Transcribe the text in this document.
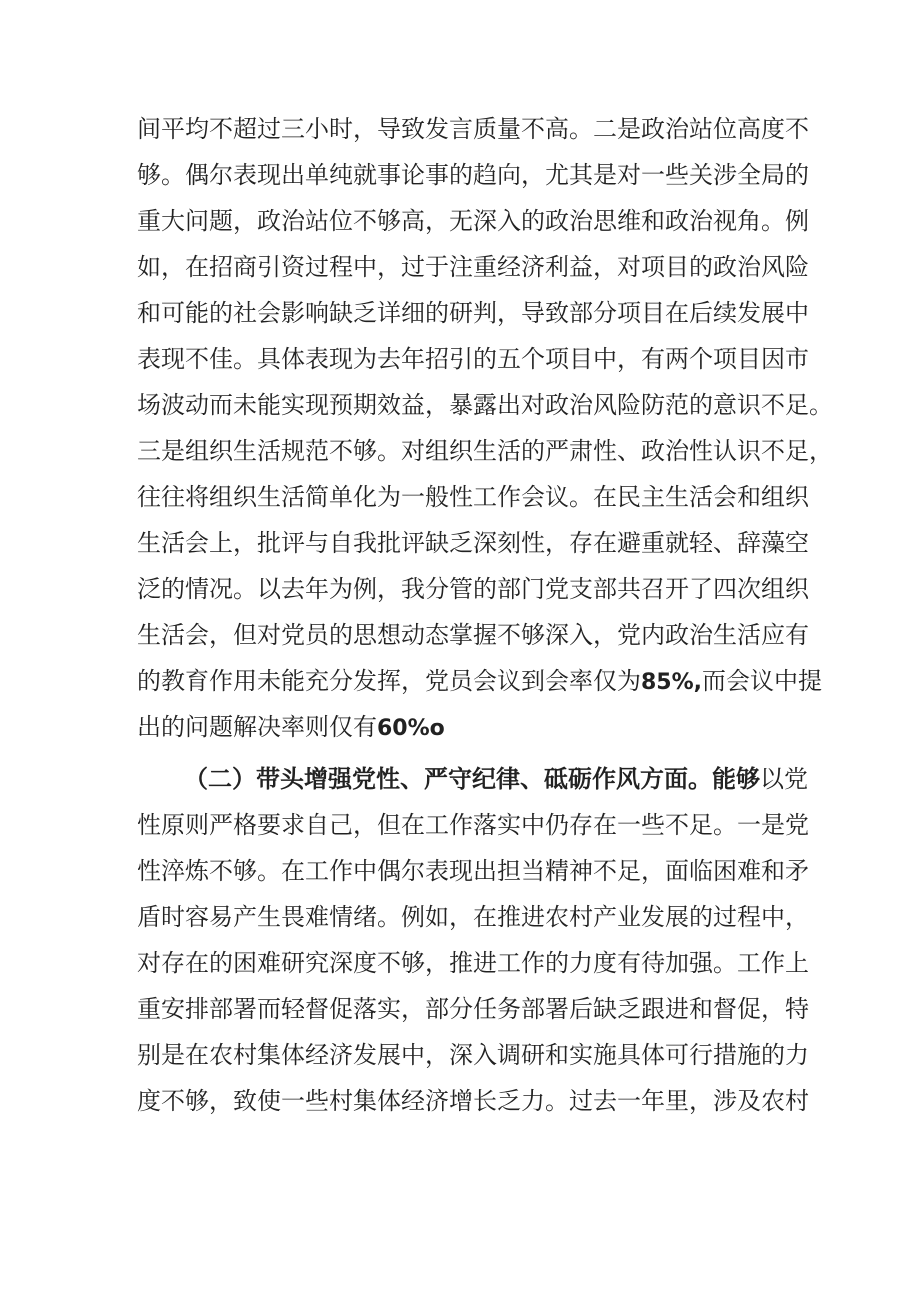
间平均不超过三小时，导致发言质量不高。二是政治站位高度不
够。偶尔表现出单纯就事论事的趋向，尤其是对一些关涉全局的
重大问题，政治站位不够高，无深入的政治思维和政治视角。例
如，在招商引资过程中，过于注重经济利益，对项目的政治风险
和可能的社会影响缺乏详细的研判，导致部分项目在后续发展中
表现不佳。具体表现为去年招引的五个项目中，有两个项目因市
场波动而未能实现预期效益，暴露出对政治风险防范的意识不足。
三是组织生活规范不够。对组织生活的严肃性、政治性认识不足，
往往将组织生活简单化为一般性工作会议。在民主生活会和组织
生活会上，批评与自我批评缺乏深刻性，存在避重就轻、辞藻空
泛的情况。以去年为例，我分管的部门党支部共召开了四次组织
生活会，但对党员的思想动态掌握不够深入，党内政治生活应有
的教育作用未能充分发挥，党员会议到会率仅为85%,而会议中提
出的问题解决率则仅有60%o
（二）带头增强党性、严守纪律、砥砺作风方面。能够以党
性原则严格要求自己，但在工作落实中仍存在一些不足。一是党
性淬炼不够。在工作中偶尔表现出担当精神不足，面临困难和矛
盾时容易产生畏难情绪。例如，在推进农村产业发展的过程中，
对存在的困难研究深度不够，推进工作的力度有待加强。工作上
重安排部署而轻督促落实，部分任务部署后缺乏跟进和督促，特
别是在农村集体经济发展中，深入调研和实施具体可行措施的力
度不够，致使一些村集体经济增长乏力。过去一年里，涉及农村
